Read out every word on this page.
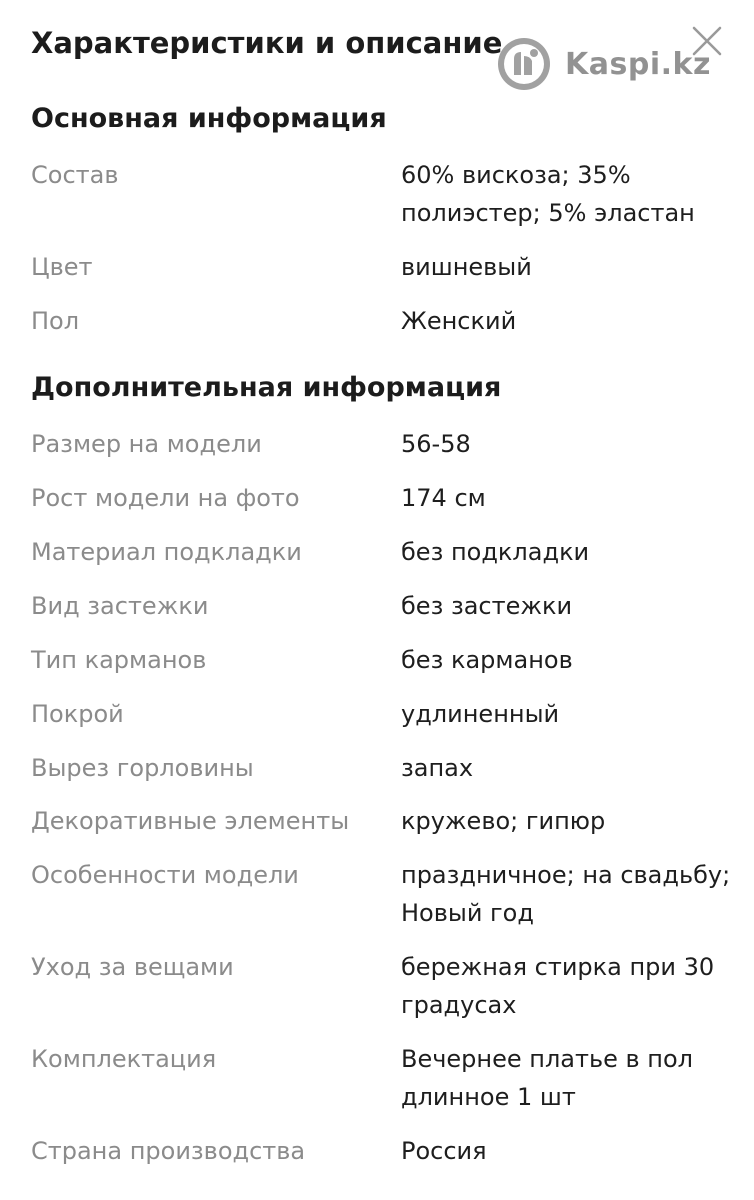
Характеристики и описание
Kaspi.kz
Основная информация
Состав	60% вискоза; 35% полиэстер; 5% эластан
Цвет	вишневый
Пол	Женский
Дополнительная информация
Размер на модели	56-58
Рост модели на фото	174 см
Материал подкладки	без подкладки
Вид застежки	без застежки
Тип карманов	без карманов
Покрой	удлиненный
Вырез горловины	запах
Декоративные элементы	кружево; гипюр
Особенности модели	праздничное; на свадьбу; Новый год
Уход за вещами	бережная стирка при 30 градусах
Комплектация	Вечернее платье в пол длинное 1 шт
Страна производства	Россия
